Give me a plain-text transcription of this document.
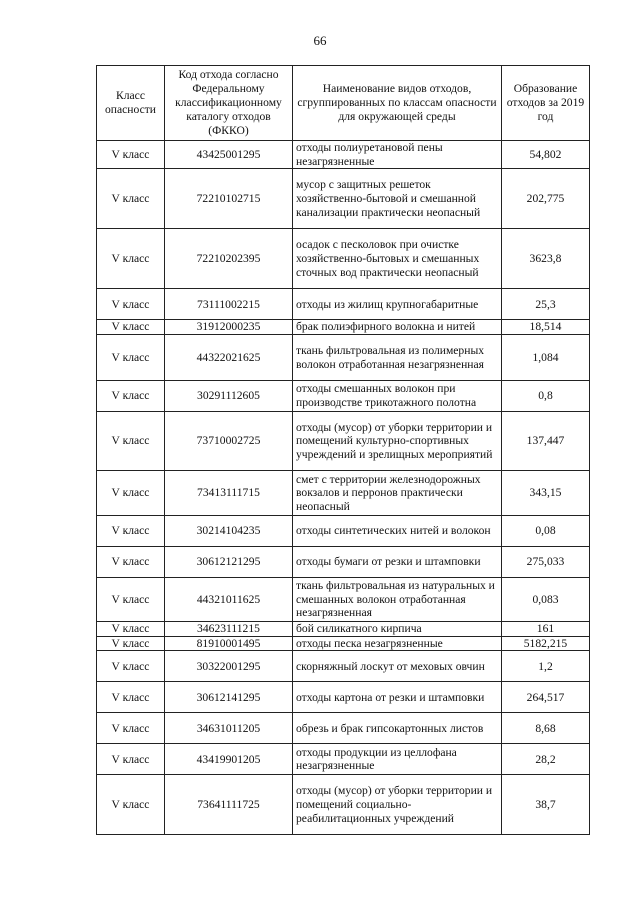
66
Класс опасности	Код отхода согласно Федеральному классификационному каталогу отходов (ФККО)	Наименование видов отходов, сгруппированных по классам опасности для окружающей среды	Образование отходов за 2019 год
V класс	43425001295	отходы полиуретановой пены незагрязненные	54,802
V класс	72210102715	мусор с защитных решеток хозяйственно-бытовой и смешанной канализации практически неопасный	202,775
V класс	72210202395	осадок с песколовок при очистке хозяйственно-бытовых и смешанных сточных вод практически неопасный	3623,8
V класс	73111002215	отходы из жилищ крупногабаритные	25,3
V класс	31912000235	брак полиэфирного волокна и нитей	18,514
V класс	44322021625	ткань фильтровальная из полимерных волокон отработанная незагрязненная	1,084
V класс	30291112605	отходы смешанных волокон при производстве трикотажного полотна	0,8
V класс	73710002725	отходы (мусор) от уборки территории и помещений культурно-спортивных учреждений и зрелищных мероприятий	137,447
V класс	73413111715	смет с территории железнодорожных вокзалов и перронов практически неопасный	343,15
V класс	30214104235	отходы синтетических нитей и волокон	0,08
V класс	30612121295	отходы бумаги от резки и штамповки	275,033
V класс	44321011625	ткань фильтровальная из натуральных и смешанных волокон отработанная незагрязненная	0,083
V класс	34623111215	бой силикатного кирпича	161
V класс	81910001495	отходы песка незагрязненные	5182,215
V класс	30322001295	скорняжный лоскут от меховых овчин	1,2
V класс	30612141295	отходы картона от резки и штамповки	264,517
V класс	34631011205	обрезь и брак гипсокартонных листов	8,68
V класс	43419901205	отходы продукции из целлофана незагрязненные	28,2
V класс	73641111725	отходы (мусор) от уборки территории и помещений социально-реабилитационных учреждений	38,7
